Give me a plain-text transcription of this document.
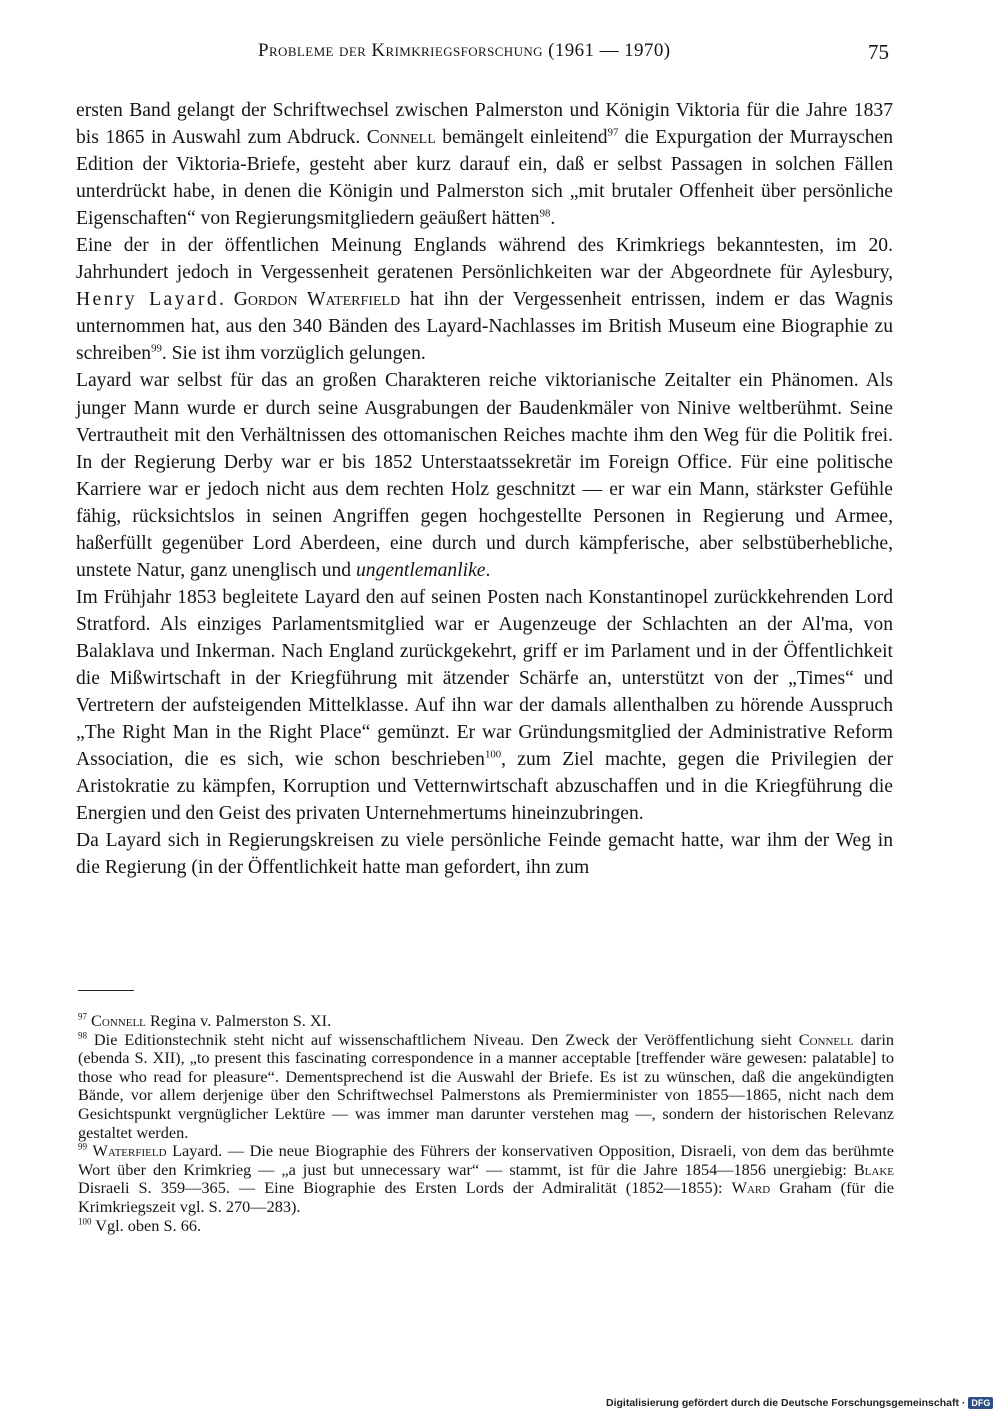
Probleme der Krimkriegsforschung (1961 — 1970)	75

ersten Band gelangt der Schriftwechsel zwischen Palmerston und Königin Viktoria für die Jahre 1837 bis 1865 in Auswahl zum Abdruck. Connell bemängelt einleitend$^{97}$ die Expurgation der Murrayschen Edition der Viktoria-Briefe, gesteht aber kurz darauf ein, daß er selbst Passagen in solchen Fällen unterdrückt habe, in denen die Königin und Palmerston sich „mit brutaler Offenheit über persönliche Eigenschaften“ von Regierungsmitgliedern geäußert hätten$^{98}$.

Eine der in der öffentlichen Meinung Englands während des Krimkriegs bekanntesten, im 20. Jahrhundert jedoch in Vergessenheit geratenen Persönlichkeiten war der Abgeordnete für Aylesbury, Henry Layard. Gordon Waterfield hat ihn der Vergessenheit entrissen, indem er das Wagnis unternommen hat, aus den 340 Bänden des Layard-Nachlasses im British Museum eine Biographie zu schreiben$^{99}$. Sie ist ihm vorzüglich gelungen.

Layard war selbst für das an großen Charakteren reiche viktorianische Zeitalter ein Phänomen. Als junger Mann wurde er durch seine Ausgrabungen der Baudenkmäler von Ninive weltberühmt. Seine Vertrautheit mit den Verhältnissen des ottomanischen Reiches machte ihm den Weg für die Politik frei. In der Regierung Derby war er bis 1852 Unterstaatssekretär im Foreign Office. Für eine politische Karriere war er jedoch nicht aus dem rechten Holz geschnitzt — er war ein Mann, stärkster Gefühle fähig, rücksichtslos in seinen Angriffen gegen hochgestellte Personen in Regierung und Armee, haßerfüllt gegenüber Lord Aberdeen, eine durch und durch kämpferische, aber selbstüberhebliche, unstete Natur, ganz unenglisch und ungentlemanlike.

Im Frühjahr 1853 begleitete Layard den auf seinen Posten nach Konstantinopel zurückkehrenden Lord Stratford. Als einziges Parlamentsmitglied war er Augenzeuge der Schlachten an der Al'ma, von Balaklava und Inkerman. Nach England zurückgekehrt, griff er im Parlament und in der Öffentlichkeit die Mißwirtschaft in der Kriegführung mit ätzender Schärfe an, unterstützt von der „Times“ und Vertretern der aufsteigenden Mittelklasse. Auf ihn war der damals allenthalben zu hörende Ausspruch „The Right Man in the Right Place“ gemünzt. Er war Gründungsmitglied der Administrative Reform Association, die es sich, wie schon beschrieben$^{100}$, zum Ziel machte, gegen die Privilegien der Aristokratie zu kämpfen, Korruption und Vetternwirtschaft abzuschaffen und in die Kriegführung die Energien und den Geist des privaten Unternehmertums hineinzubringen.

Da Layard sich in Regierungskreisen zu viele persönliche Feinde gemacht hatte, war ihm der Weg in die Regierung (in der Öffentlichkeit hatte man gefordert, ihn zum

$^{97}$ Connell Regina v. Palmerston S. XI.

$^{98}$ Die Editionstechnik steht nicht auf wissenschaftlichem Niveau. Den Zweck der Veröffentlichung sieht Connell darin (ebenda S. XII), „to present this fascinating correspondence in a manner acceptable [treffender wäre gewesen: palatable] to those who read for pleasure“. Dementsprechend ist die Auswahl der Briefe. Es ist zu wünschen, daß die angekündigten Bände, vor allem derjenige über den Schriftwechsel Palmerstons als Premierminister von 1855—1865, nicht nach dem Gesichtspunkt vergnüglicher Lektüre — was immer man darunter verstehen mag —, sondern der historischen Relevanz gestaltet werden.

$^{99}$ Waterfield Layard. — Die neue Biographie des Führers der konservativen Opposition, Disraeli, von dem das berühmte Wort über den Krimkrieg — „a just but unnecessary war“ — stammt, ist für die Jahre 1854—1856 unergiebig: Blake Disraeli S. 359—365. — Eine Biographie des Ersten Lords der Admiralität (1852—1855): Ward Graham (für die Krimkriegszeit vgl. S. 270—283).

$^{100}$ Vgl. oben S. 66.

Digitalisierung gefördert durch die Deutsche Forschungsgemeinschaft · DFG
